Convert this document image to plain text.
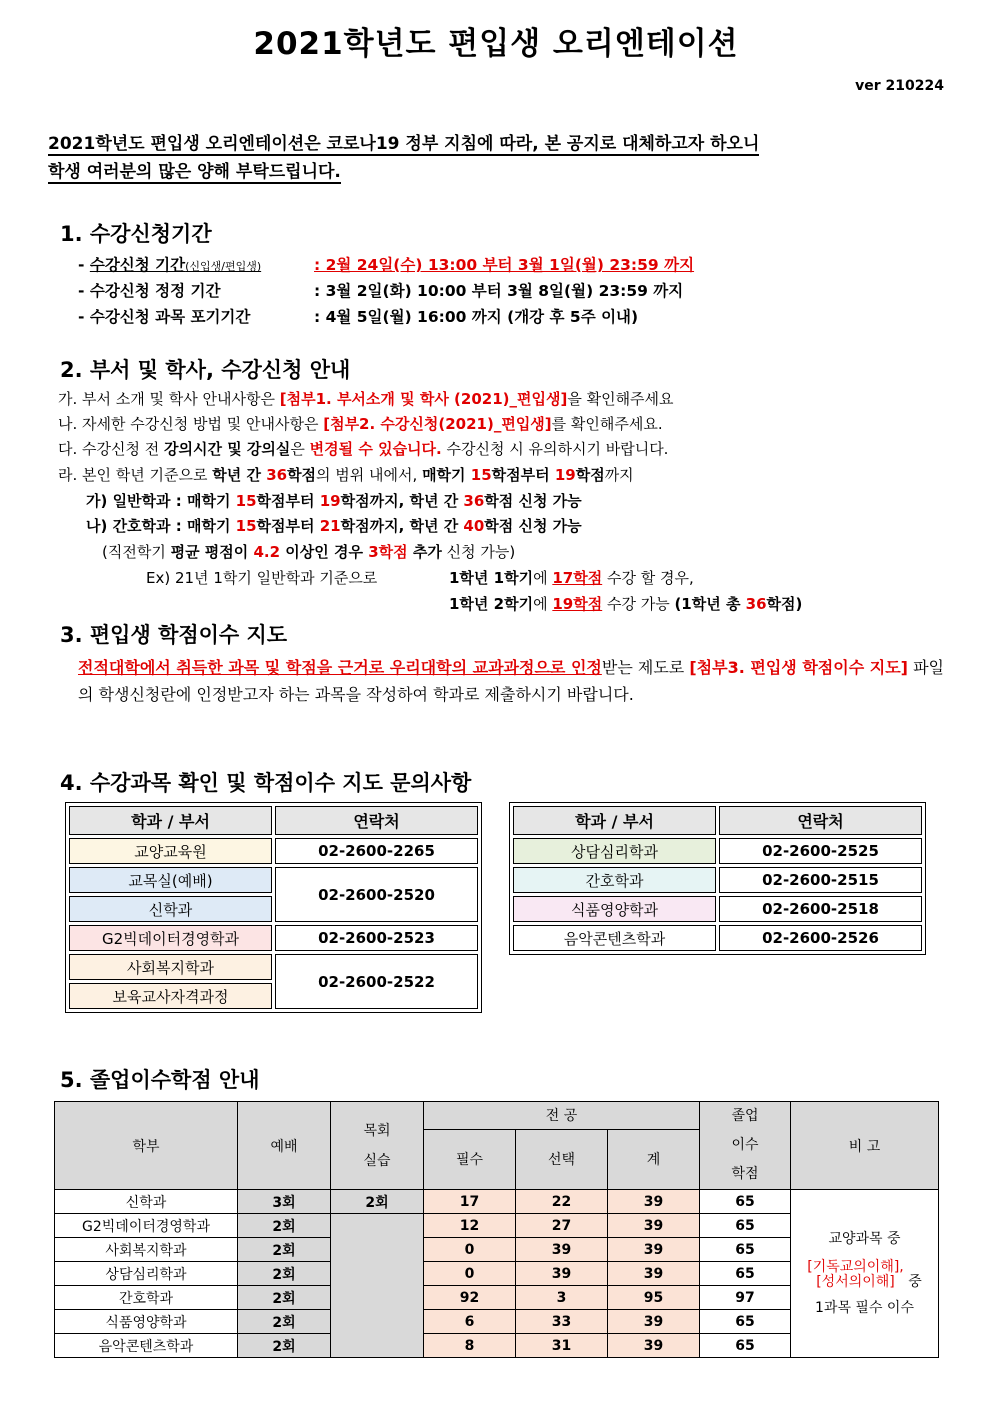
2021학년도 편입생 오리엔테이션
ver 210224
2021학년도 편입생 오리엔테이션은 코로나19 정부 지침에 따라, 본 공지로 대체하고자 하오니
학생 여러분의 많은 양해 부탁드립니다.
1. 수강신청기간
- 수강신청 기간(신입생/편입생)	: 2월 24일(수) 13:00 부터 3월 1일(월) 23:59 까지
- 수강신청 정정 기간	: 3월 2일(화) 10:00 부터 3월 8일(월) 23:59 까지
- 수강신청 과목 포기기간	: 4월 5일(월) 16:00 까지 (개강 후 5주 이내)
2. 부서 및 학사, 수강신청 안내
가. 부서 소개 및 학사 안내사항은 [첨부1. 부서소개 및 학사 (2021)_편입생]을 확인해주세요
나. 자세한 수강신청 방법 및 안내사항은 [첨부2. 수강신청(2021)_편입생]를 확인해주세요.
다. 수강신청 전 강의시간 및 강의실은 변경될 수 있습니다. 수강신청 시 유의하시기 바랍니다.
라. 본인 학년 기준으로 학년 간 36학점의 범위 내에서, 매학기 15학점부터 19학점까지
가) 일반학과 : 매학기 15학점부터 19학점까지, 학년 간 36학점 신청 가능
나) 간호학과 : 매학기 15학점부터 21학점까지, 학년 간 40학점 신청 가능
(직전학기 평균 평점이 4.2 이상인 경우 3학점 추가 신청 가능)
Ex) 21년 1학기 일반학과 기준으로	1학년 1학기에 17학점 수강 할 경우,
1학년 2학기에 19학점 수강 가능 (1학년 총 36학점)
3. 편입생 학점이수 지도
전적대학에서 취득한 과목 및 학점을 근거로 우리대학의 교과과정으로 인정받는 제도로 [첨부3. 편입생 학점이수 지도] 파일의 학생신청란에 인정받고자 하는 과목을 작성하여 학과로 제출하시기 바랍니다.
4. 수강과목 확인 및 학점이수 지도 문의사항
학과 / 부서	연락처
교양교육원	02-2600-2265
교목실(예배)	02-2600-2520
신학과	
G2빅데이터경영학과	02-2600-2523
사회복지학과	02-2600-2522
보육교사자격과정	
학과 / 부서	연락처
상담심리학과	02-2600-2525
간호학과	02-2600-2515
식품영양학과	02-2600-2518
음악콘텐츠학과	02-2600-2526
5. 졸업이수학점 안내
학부	예배	목회
실습	전 공			졸업
이수
학점	비 고
			필수	선택	계		
신학과	3회	2회	17	22	39	65	교양과목 중
[기독교의이해],
[성서의이해] 중
1과목 필수 이수
G2빅데이터경영학과	2회		12	27	39	65	
사회복지학과	2회		0	39	39	65	
상담심리학과	2회		0	39	39	65	
간호학과	2회		92	3	95	97	
식품영양학과	2회		6	33	39	65	
음악콘텐츠학과	2회		8	31	39	65	
